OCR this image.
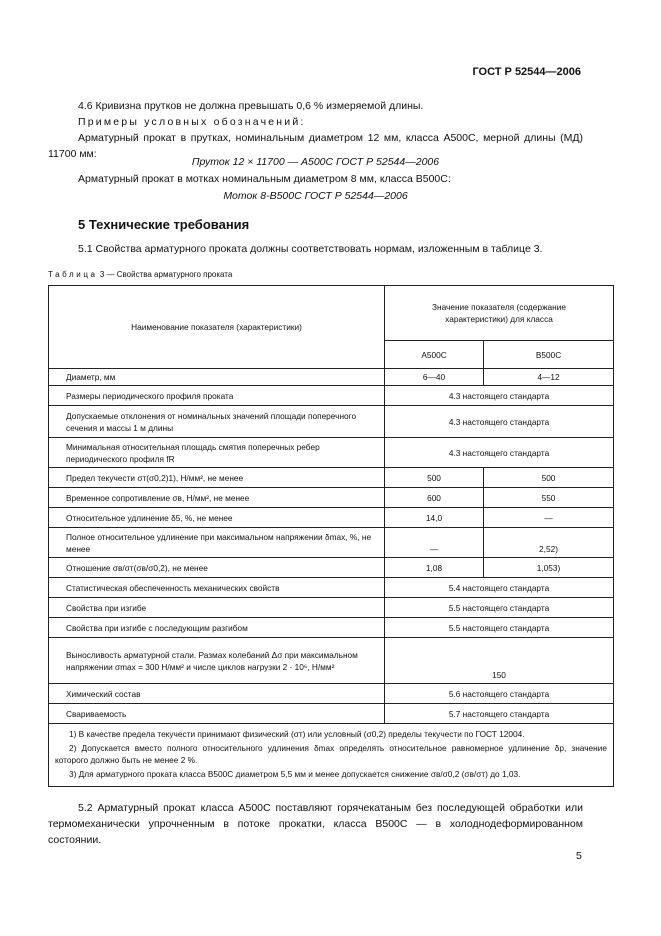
ГОСТ Р 52544—2006
4.6 Кривизна прутков не должна превышать 0,6 % измеряемой длины.
Примеры условных обозначений:
Арматурный прокат в прутках, номинальным диаметром 12 мм, класса А500С, мерной длины (МД) 11700 мм:
Пруток 12 × 11700 — А500С ГОСТ Р 52544—2006
Арматурный прокат в мотках номинальным диаметром 8 мм, класса В500С:
Моток 8-В500С ГОСТ Р 52544—2006
5 Технические требования
5.1 Свойства арматурного проката должны соответствовать нормам, изложенным в таблице 3.
Таблица 3 — Свойства арматурного проката
Наименование показателя (характеристики)	Значение показателя (содержание характеристики) для класса	
	А500С	В500С
Диаметр, мм	6—40	4—12
Размеры периодического профиля проката	4.3 настоящего стандарта	
Допускаемые отклонения от номинальных значений площади поперечного сечения и массы 1 м длины	4.3 настоящего стандарта	
Минимальная относительная площадь смятия поперечных ребер периодического профиля fR	4.3 настоящего стандарта	
Предел текучести σт(σ0,2)1), Н/мм², не менее	500	500
Временное сопротивление σв, Н/мм², не менее	600	550
Относительное удлинение δ5, %, не менее	14,0	—
Полное относительное удлинение при максимальном напряжении δmax, %, не менее	—	2,52)
Отношение σв/σт(σв/σ0,2), не менее	1,08	1,053)
Статистическая обеспеченность механических свойств	5.4 настоящего стандарта	
Свойства при изгибе	5.5 настоящего стандарта	
Свойства при изгибе с последующим разгибом	5.5 настоящего стандарта	
Выносливость арматурной стали. Размах колебаний Δσ при максимальном напряжении σmax = 300 Н/мм² и числе циклов нагрузки 2 · 10⁶, Н/мм²	150	
Химический состав	5.6 настоящего стандарта	
Свариваемость	5.7 настоящего стандарта	

1) В качестве предела текучести принимают физический (σт) или условный (σ0,2) пределы текучести по ГОСТ 12004.

2) Допускается вместо полного относительного удлинения δmax определять относительное равномерное удлинение δр, значение которого должно быть не менее 2 %.

3) Для арматурного проката класса В500С диаметром 5,5 мм и менее допускается снижение σв/σ0,2 (σв/σт) до 1,03.		

5.2 Арматурный прокат класса А500С поставляют горячекатаным без последующей обработки или термомеханически упрочненным в потоке прокатки, класса В500С — в холоднодеформированном состоянии.
5
